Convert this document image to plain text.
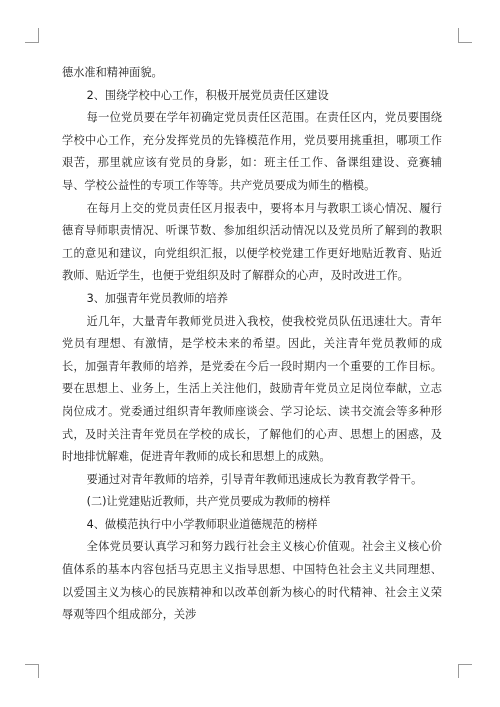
德水准和精神面貌。

2、围绕学校中心工作，积极开展党员责任区建设

每一位党员要在学年初确定党员责任区范围。在责任区内，党员要围绕学校中心工作，充分发挥党员的先锋模范作用，党员要用挑重担，哪项工作艰苦，那里就应该有党员的身影，如：班主任工作、备课组建设、竞赛辅导、学校公益性的专项工作等等。共产党员要成为师生的楷模。

在每月上交的党员责任区月报表中，要将本月与教职工谈心情况、履行德育导师职责情况、听课节数、参加组织活动情况以及党员所了解到的教职工的意见和建议，向党组织汇报，以便学校党建工作更好地贴近教育、贴近教师、贴近学生，也便于党组织及时了解群众的心声，及时改进工作。

3、加强青年党员教师的培养

近几年，大量青年教师党员进入我校，使我校党员队伍迅速壮大。青年党员有理想、有激情，是学校未来的希望。因此，关注青年党员教师的成长，加强青年教师的培养，是党委在今后一段时期内一个重要的工作目标。要在思想上、业务上，生活上关注他们，鼓励青年党员立足岗位奉献，立志岗位成才。党委通过组织青年教师座谈会、学习论坛、读书交流会等多种形式，及时关注青年党员在学校的成长，了解他们的心声、思想上的困惑，及时地排忧解难，促进青年教师的成长和思想上的成熟。

要通过对青年教师的培养，引导青年教师迅速成长为教育教学骨干。

(二)让党建贴近教师，共产党员要成为教师的榜样

4、做模范执行中小学教师职业道德规范的榜样

全体党员要认真学习和努力践行社会主义核心价值观。社会主义核心价值体系的基本内容包括马克思主义指导思想、中国特色社会主义共同理想、以爱国主义为核心的民族精神和以改革创新为核心的时代精神、社会主义荣辱观等四个组成部分，关涉
